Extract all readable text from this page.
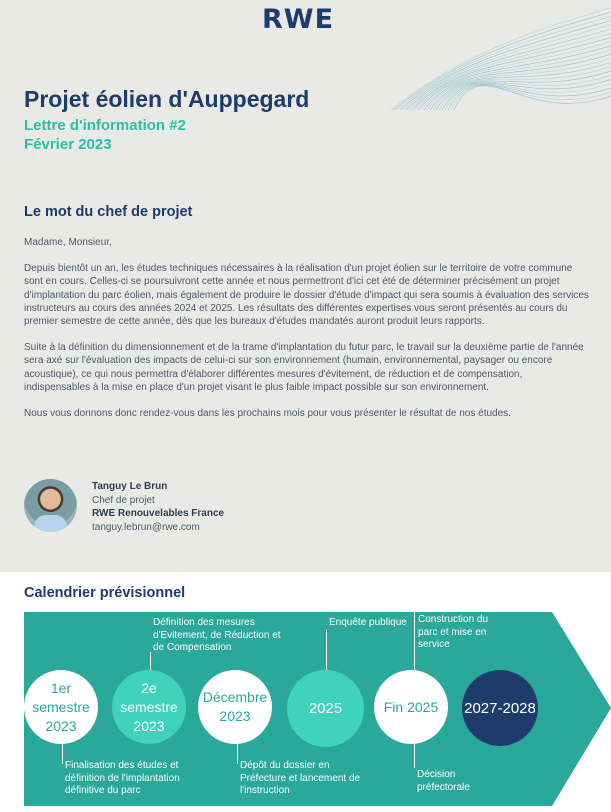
RWE
Projet éolien d'Auppegard
Lettre d'information #2
Février 2023
Le mot du chef de projet

Madame, Monsieur,

Depuis bientôt un an, les études techniques nécessaires à la réalisation d'un projet éolien sur le territoire de votre commune sont en cours. Celles-ci se poursuivront cette année et nous permettront d'ici cet été de déterminer précisément un projet d'implantation du parc éolien, mais également de produire le dossier d'étude d'impact qui sera soumis à évaluation des services instructeurs au cours des années 2024 et 2025. Les résultats des différentes expertises vous seront présentés au cours du premier semestre de cette année, dès que les bureaux d'études mandatés auront produit leurs rapports.

Suite à la définition du dimensionnement et de la trame d'implantation du futur parc, le travail sur la deuxième partie de l'année sera axé sur l'évaluation des impacts de celui-ci sur son environnement (humain, environnemental, paysager ou encore acoustique), ce qui nous permettra d'élaborer différentes mesures d'évitement, de réduction et de compensation, indispensables à la mise en place d'un projet visant le plus faible impact possible sur son environnement.

Nous vous donnons donc rendez-vous dans les prochains mois pour vous présenter le résultat de nos études.

Tanguy Le Brun
Chef de projet
RWE Renouvelables France
tanguy.lebrun@rwe.com
Calendrier prévisionnel
Définition des mesures d'Evitement, de Réduction et de Compensation
Enquête publique	Construction du parc et mise en service
1er semestre 2023
2e semestre 2023
Décembre 2023	2025	Fin 2025	2027-2028
Finalisation des études et définition de l'implantation définitive du parc
Dépôt du dossier en Préfecture et lancement de l'instruction
Décision préfectorale
